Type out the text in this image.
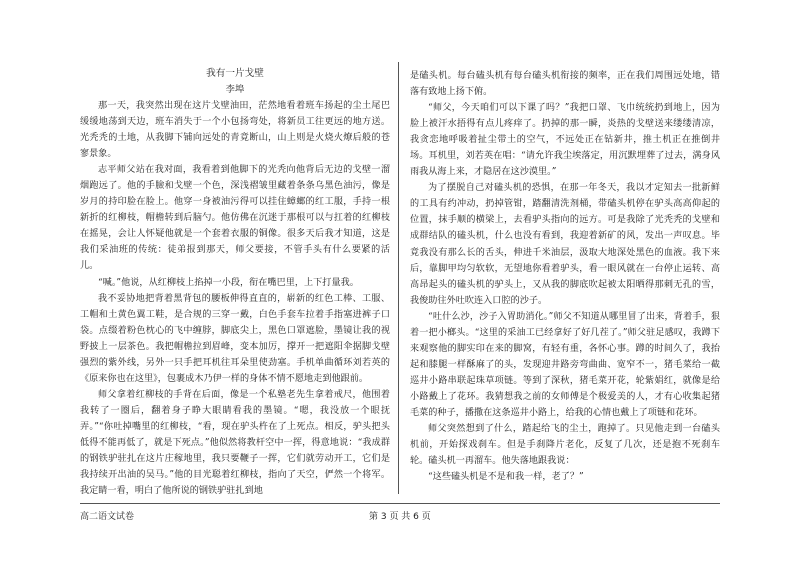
我有一片戈壁
李埠

那一天，我突然出现在这片戈壁油田，茫然地看着班车扬起的尘土尾巴缓缓地荡到天边，班车消失于一个小包扬弯处，将新员工往更远的地方送。光秃秃的土地，从我脚下铺向远处的青竟断山，山上则是火烧火燎后般的苍寥景象。

志平师父站在我对面，我看着到他脚下的光秃向他背后无边的戈壁一溜烟跑远了。他的手臉和戈壁一个色，深浅褶皱里藏着条条乌黑色油污，像是岁月的持印脸在脸上。他穿一身被油污得可以挂住蟑螂的红工服，手持一根新折的红柳枝，帽檐转到后脑勺。他仿佛在沉迷于那根可以与扛着的红柳枝在摇晃，会让人怀疑他就是一个套着衣服的铜像。很多天后我才知道，这是我们采油班的传统：徒弟报到那天，师父要接，不管手头有什么要紧的活儿。

“喊。”他说，从红柳枝上掐掉一小段，衔在嘴巴里，上下打量我。

我不妥协地把背着黑背包的腰板伸得直直的，崭新的红色工棒、工服、工帽和土黄色翼工鞋，是合规的三穿一戴，白色手套车拉着手指塞进裤子口袋。点缀着粉色枕心的飞中缠脖，脚底尖上，黑色口罩遮脸，墨镜让我的视野披上一层茶色。我把帽檐拉到眉峰，变本加厉，撑开一把遮阳伞据脚戈壁强烈的紫外线，另外一只手把耳机往耳朵里使劲塞。手机单曲循环刘若英的《原来你也在这里》，包裹成木乃伊一样的身体不情不愿地走到他跟前。

师父拿着红柳枝的手背在后面，像是一个私塾老先生拿着戒尺，他围着我转了一圈后，翻着身子睁大眼睛看我的墨镜。“嗯，我没放一个眼抚弄。”“你吐掉嘴里的红柳枝，“看，现在驴头杵在了上死点。相反，驴头把头低得不能再低了，就是下死点。”他似然将教杆空中一挥，得意地说：“我成群的钢铁驴驻扎在这片庄稼地里，我只要鞭子一挥，它们就劳动开工，它们是我持续开出油的吴马。”他的目光聪着红柳枝，指向了天空，俨然一个将军。我定睛一看，明白了他所说的钢铁驴驻扎到地

是磕头机。每台磕头机有每台磕头机衔接的频率，正在我们周围远处地，错落有致地上扬下俯。

“师父，今天咱们可以下课了吗？”我把口罩、飞巾统统扔到地上，因为脸上被汗水捂得有点儿疼痒了。扔掉的那一瞬，炎热的戈壁送来缕缕清凉，我贪恋地呼吸着扯尘带土的空气，不远处正在钻新井，推土机正在推倒井场。耳机里，刘若英在唱：“请允许我尘埃落定，用沉默埋葬了过去，满身风雨我从海上来，才隐居在这沙漠里。”

为了摆脱自己对磕头机的恐惧，在那一年冬天，我以才定知去一批新鲜的工具有约冲动，扔掉管钳，踏翻清洗剂桶，带磕头机停在驴头高高仰起的位置，抹手顺的横梁上，去看驴头指向的远方。可是我除了光秃秃的戈壁和成群结队的磕头机，什么也没有看到，我迎着新矿的风，发出一声叹息。毕竟我没有那么长的舌头，伸进千米油层，汲取大地深处黑色的血液。我下来后，靠脚甲均匀软软，无望地你看着驴头，看一眼风就在一台停止运转、高高昂起头的磕头机的驴头上，又从我的脚底吹起被太阳晒得那刺无孔的雪，我俊助往外吐吹连入口腔的沙子。

“吐什么沙，沙子入胃助消化。”师父不知道从哪里冒了出来，背着手，狠着一把小榔头。“这里的采油工已经拿好了好几茬了。”师父驻足感叹，我蹲下来观察他的脚实印在来的脚窝，有轻有重，各怀心事。蹲的时间久了，我抬起和膝腿一样酥麻了的头，发现迎井路旁弯曲曲、宽窄不一，猪毛菜给一截巡井小路串联起珠草项链。等到了深秋，猪毛菜开花，轮紫娟红，就像是给小路戴上了花环。我猜想我之前的女师傅是个极爱美的人，才有心收集起猪毛菜的种子，播撒在这条巡井小路上，给我的心情也戴上了项链和花环。

师父突然想到了什么，踏起给飞的尘土，跑掉了。只见他走到一台磕头机前，开始探戏刹车。但是手刹降片老化，反复了几次，还是抱不死刹车轮。磕头机一再溜车。他失落地跟我说：

“这些磕头机是不是和我一样，老了？”

高二语文试卷	第 3 页 共 6 页
